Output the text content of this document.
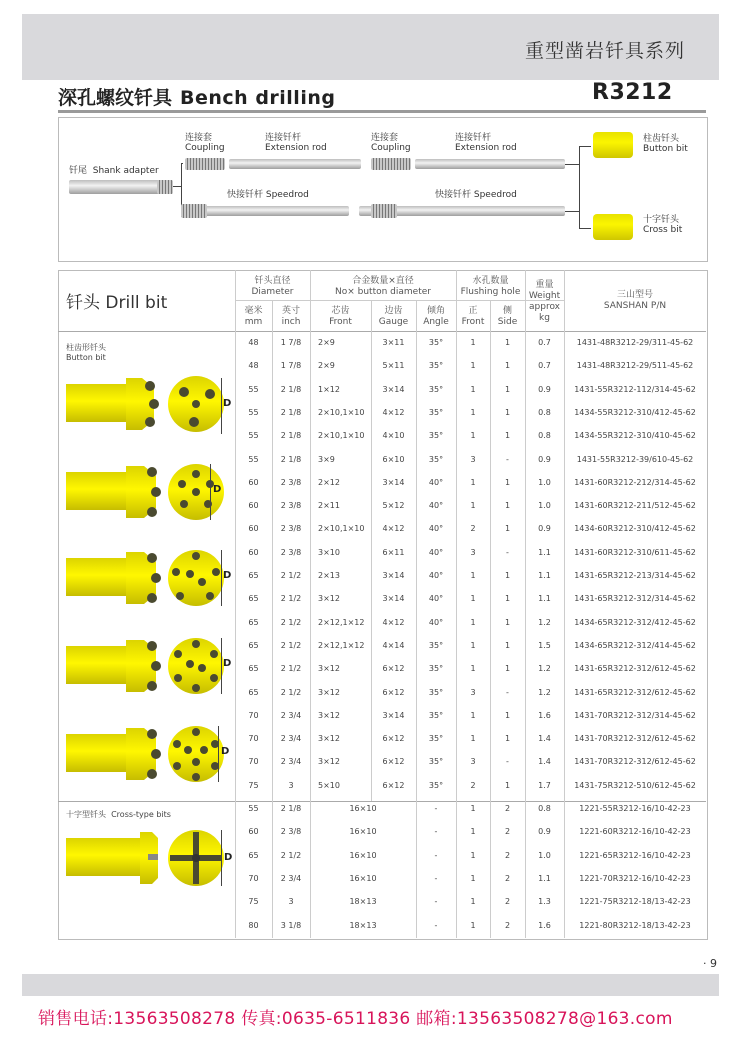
重型凿岩钎具系列
深孔螺纹钎具 Bench drilling	R3212
钎尾 Shank adapter
连接套
Coupling
连接钎杆
Extension rod
连接套
Coupling
连接钎杆
Extension rod
快接钎杆 Speedrod	快接钎杆 Speedrod
柱齿钎头
Button bit
十字钎头
Cross bit
钎头 Drill bit
钎头直径
Diameter
毫米
mm
英寸
inch
合金数量×直径
No× button diameter
芯齿
Front
边齿
Gauge
倾角
Angle
水孔数量
Flushing hole
正
Front
侧
Side
重量
Weight
approx
kg
三山型号
SANSHAN P/N
柱齿形钎头
Button bit
十字型钎头 Cross-type bits
D
D
D
D
D
D
48	1 7/8	2×9	3×11	35°	1	1	0.7	1431-48R3212-29/311-45-62
48	1 7/8	2×9	5×11	35°	1	1	0.7	1431-48R3212-29/511-45-62
55	2 1/8	1×12	3×14	35°	1	1	0.9	1431-55R3212-112/314-45-62
55	2 1/8	2×10,1×10	4×12	35°	1	1	0.8	1434-55R3212-310/412-45-62
55	2 1/8	2×10,1×10	4×10	35°	1	1	0.8	1434-55R3212-310/410-45-62
55	2 1/8	3×9	6×10	35°	3	-	0.9	1431-55R3212-39/610-45-62
60	2 3/8	2×12	3×14	40°	1	1	1.0	1431-60R3212-212/314-45-62
60	2 3/8	2×11	5×12	40°	1	1	1.0	1431-60R3212-211/512-45-62
60	2 3/8	2×10,1×10	4×12	40°	2	1	0.9	1434-60R3212-310/412-45-62
60	2 3/8	3×10	6×11	40°	3	-	1.1	1431-60R3212-310/611-45-62
65	2 1/2	2×13	3×14	40°	1	1	1.1	1431-65R3212-213/314-45-62
65	2 1/2	3×12	3×14	40°	1	1	1.1	1431-65R3212-312/314-45-62
65	2 1/2	2×12,1×12	4×12	40°	1	1	1.2	1434-65R3212-312/412-45-62
65	2 1/2	2×12,1×12	4×14	35°	1	1	1.5	1434-65R3212-312/414-45-62
65	2 1/2	3×12	6×12	35°	1	1	1.2	1431-65R3212-312/612-45-62
65	2 1/2	3×12	6×12	35°	3	-	1.2	1431-65R3212-312/612-45-62
70	2 3/4	3×12	3×14	35°	1	1	1.6	1431-70R3212-312/314-45-62
70	2 3/4	3×12	6×12	35°	1	1	1.4	1431-70R3212-312/612-45-62
70	2 3/4	3×12	6×12	35°	3	-	1.4	1431-70R3212-312/612-45-62
75	3	5×10	6×12	35°	2	1	1.7	1431-75R3212-510/612-45-62
55	2 1/8	16×10	-	1	2	0.8	1221-55R3212-16/10-42-23
60	2 3/8	16×10	-	1	2	0.9	1221-60R3212-16/10-42-23
65	2 1/2	16×10	-	1	2	1.0	1221-65R3212-16/10-42-23
70	2 3/4	16×10	-	1	2	1.1	1221-70R3212-16/10-42-23
75	3	18×13	-	1	2	1.3	1221-75R3212-18/13-42-23
80	3 1/8	18×13	-	1	2	1.6	1221-80R3212-18/13-42-23
· 9
销售电话:13563508278 传真:0635-6511836 邮箱:13563508278@163.com
